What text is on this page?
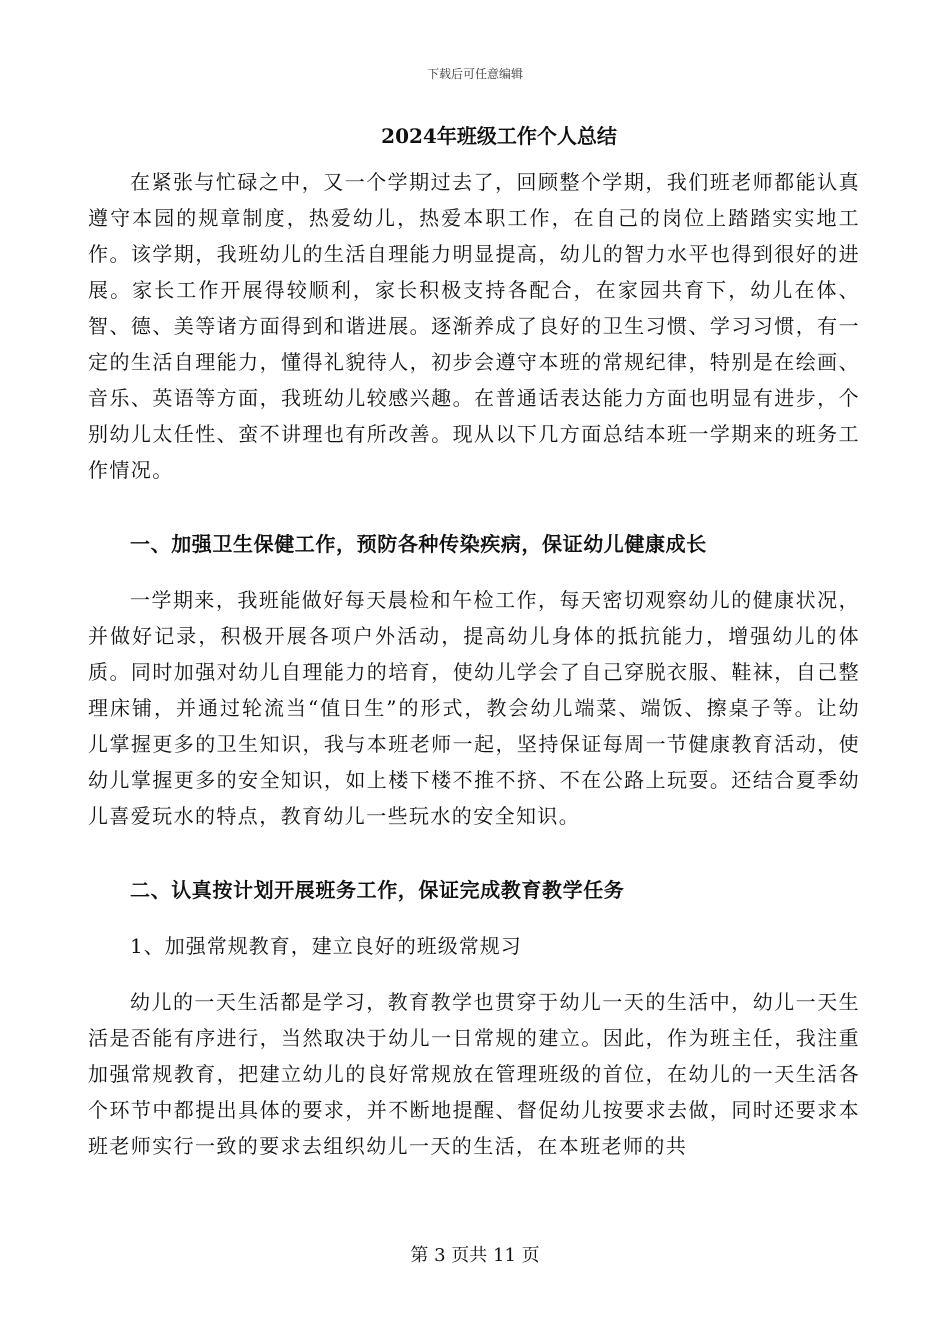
下载后可任意编辑
2024年班级工作个人总结

在紧张与忙碌之中，又一个学期过去了，回顾整个学期，我们班老师都能认真遵守本园的规章制度，热爱幼儿，热爱本职工作，在自己的岗位上踏踏实实地工作。该学期，我班幼儿的生活自理能力明显提高，幼儿的智力水平也得到很好的进展。家长工作开展得较顺利，家长积极支持各配合，在家园共育下，幼儿在体、智、德、美等诸方面得到和谐进展。逐渐养成了良好的卫生习惯、学习习惯，有一定的生活自理能力，懂得礼貌待人，初步会遵守本班的常规纪律，特别是在绘画、音乐、英语等方面，我班幼儿较感兴趣。在普通话表达能力方面也明显有进步，个别幼儿太任性、蛮不讲理也有所改善。现从以下几方面总结本班一学期来的班务工作情况。

一、加强卫生保健工作，预防各种传染疾病，保证幼儿健康成长

一学期来，我班能做好每天晨检和午检工作，每天密切观察幼儿的健康状况，并做好记录，积极开展各项户外活动，提高幼儿身体的抵抗能力，增强幼儿的体质。同时加强对幼儿自理能力的培育，使幼儿学会了自己穿脱衣服、鞋袜，自己整理床铺，并通过轮流当“值日生”的形式，教会幼儿端菜、端饭、擦桌子等。让幼儿掌握更多的卫生知识，我与本班老师一起，坚持保证每周一节健康教育活动，使幼儿掌握更多的安全知识，如上楼下楼不推不挤、不在公路上玩耍。还结合夏季幼儿喜爱玩水的特点，教育幼儿一些玩水的安全知识。

二、认真按计划开展班务工作，保证完成教育教学任务
1、加强常规教育，建立良好的班级常规习

幼儿的一天生活都是学习，教育教学也贯穿于幼儿一天的生活中，幼儿一天生活是否能有序进行，当然取决于幼儿一日常规的建立。因此，作为班主任，我注重加强常规教育，把建立幼儿的良好常规放在管理班级的首位，在幼儿的一天生活各个环节中都提出具体的要求，并不断地提醒、督促幼儿按要求去做，同时还要求本班老师实行一致的要求去组织幼儿一天的生活，在本班老师的共

第 3 页共 11 页
